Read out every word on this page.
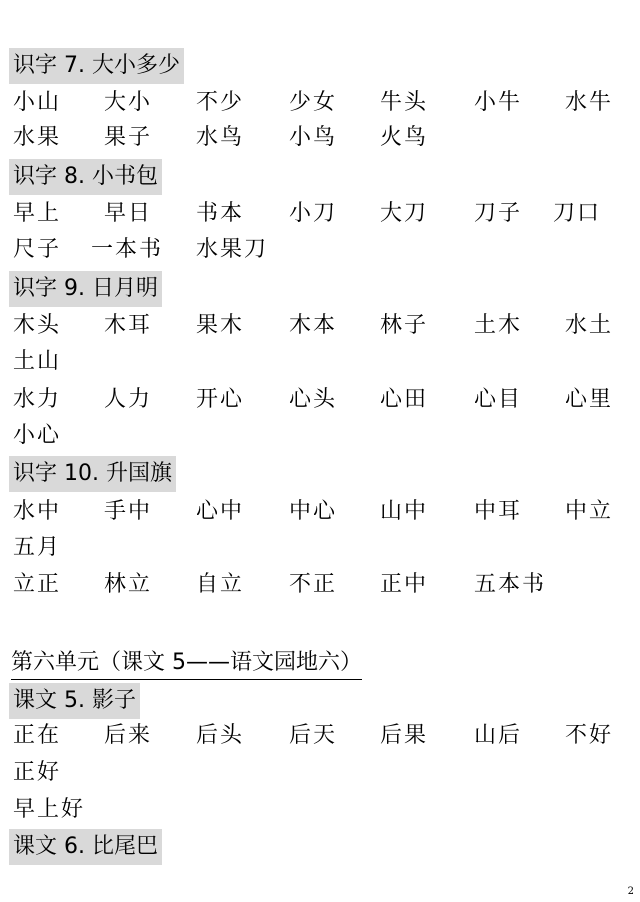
识字 7. 大小多少
小山 大小 不少 少女 牛头 小牛 水牛
水果 果子 水鸟 小鸟 火鸟
识字 8. 小书包
早上 早日 书本 小刀 大刀 刀子 刀口
尺子 一本书 水果刀
识字 9. 日月明
木头 木耳 果木 木本 林子 土木 水土
土山
水力 人力 开心 心头 心田 心目 心里
小心
识字 10. 升国旗
水中 手中 心中 中心 山中 中耳 中立
五月
立正 林立 自立 不正 正中 五本书
第六单元（课文 5——语文园地六）
课文 5. 影子
正在 后来 后头 后天 后果 山后 不好
正好
早上好
课文 6. 比尾巴
2
